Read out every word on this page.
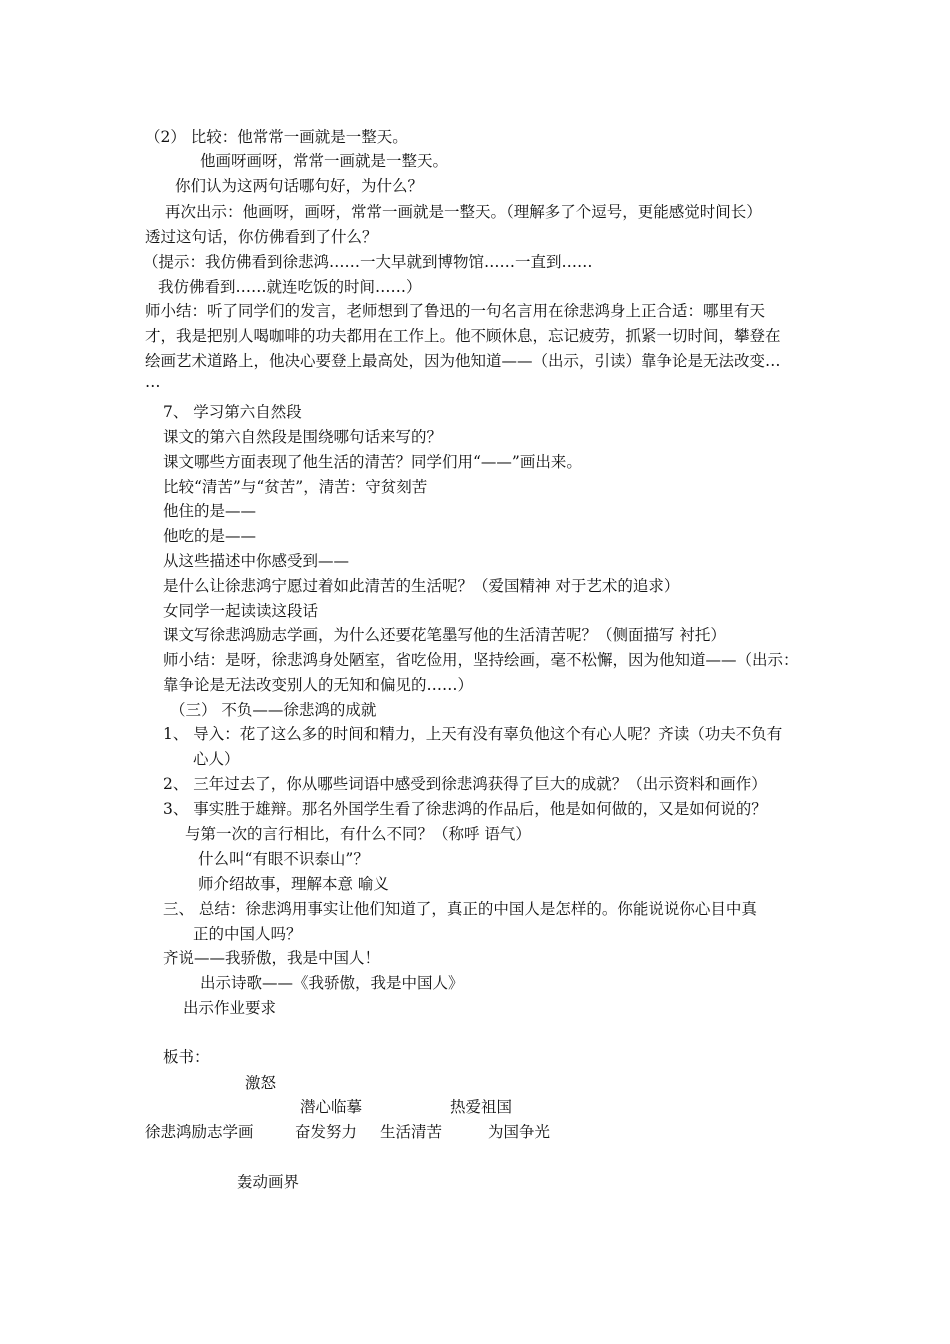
（2） 比较：他常常一画就是一整天。
他画呀画呀，常常一画就是一整天。
你们认为这两句话哪句好，为什么？
再次出示：他画呀，画呀，常常一画就是一整天。（理解多了个逗号，更能感觉时间长）
透过这句话，你仿佛看到了什么？
（提示：我仿佛看到徐悲鸿……一大早就到博物馆……一直到……
我仿佛看到……就连吃饭的时间……）
师小结：听了同学们的发言，老师想到了鲁迅的一句名言用在徐悲鸿身上正合适：哪里有天
才，我是把别人喝咖啡的功夫都用在工作上。他不顾休息，忘记疲劳，抓紧一切时间，攀登在
绘画艺术道路上，他决心要登上最高处，因为他知道——（出示，引读）靠争论是无法改变…
…
7、 学习第六自然段
课文的第六自然段是围绕哪句话来写的？
课文哪些方面表现了他生活的清苦？同学们用“——”画出来。
比较“清苦”与“贫苦”，清苦：守贫刻苦
他住的是——
他吃的是——
从这些描述中你感受到——
是什么让徐悲鸿宁愿过着如此清苦的生活呢？（爱国精神 对于艺术的追求）
女同学一起读读这段话
课文写徐悲鸿励志学画，为什么还要花笔墨写他的生活清苦呢？（侧面描写 衬托）
师小结：是呀，徐悲鸿身处陋室，省吃俭用，坚持绘画，毫不松懈，因为他知道——（出示：
靠争论是无法改变别人的无知和偏见的……）
（三） 不负——徐悲鸿的成就
1、 导入：花了这么多的时间和精力，上天有没有辜负他这个有心人呢？齐读（功夫不负有
心人）
2、 三年过去了，你从哪些词语中感受到徐悲鸿获得了巨大的成就？（出示资料和画作）
3、 事实胜于雄辩。那名外国学生看了徐悲鸿的作品后，他是如何做的，又是如何说的？
与第一次的言行相比，有什么不同？（称呼 语气）
什么叫“有眼不识泰山”？
师介绍故事，理解本意 喻义
三、 总结：徐悲鸿用事实让他们知道了，真正的中国人是怎样的。你能说说你心目中真
正的中国人吗？
齐说——我骄傲，我是中国人！
出示诗歌——《我骄傲，我是中国人》
出示作业要求
板书：
激怒
潜心临摹	热爱祖国
徐悲鸿励志学画	奋发努力 生活清苦	为国争光
轰动画界
